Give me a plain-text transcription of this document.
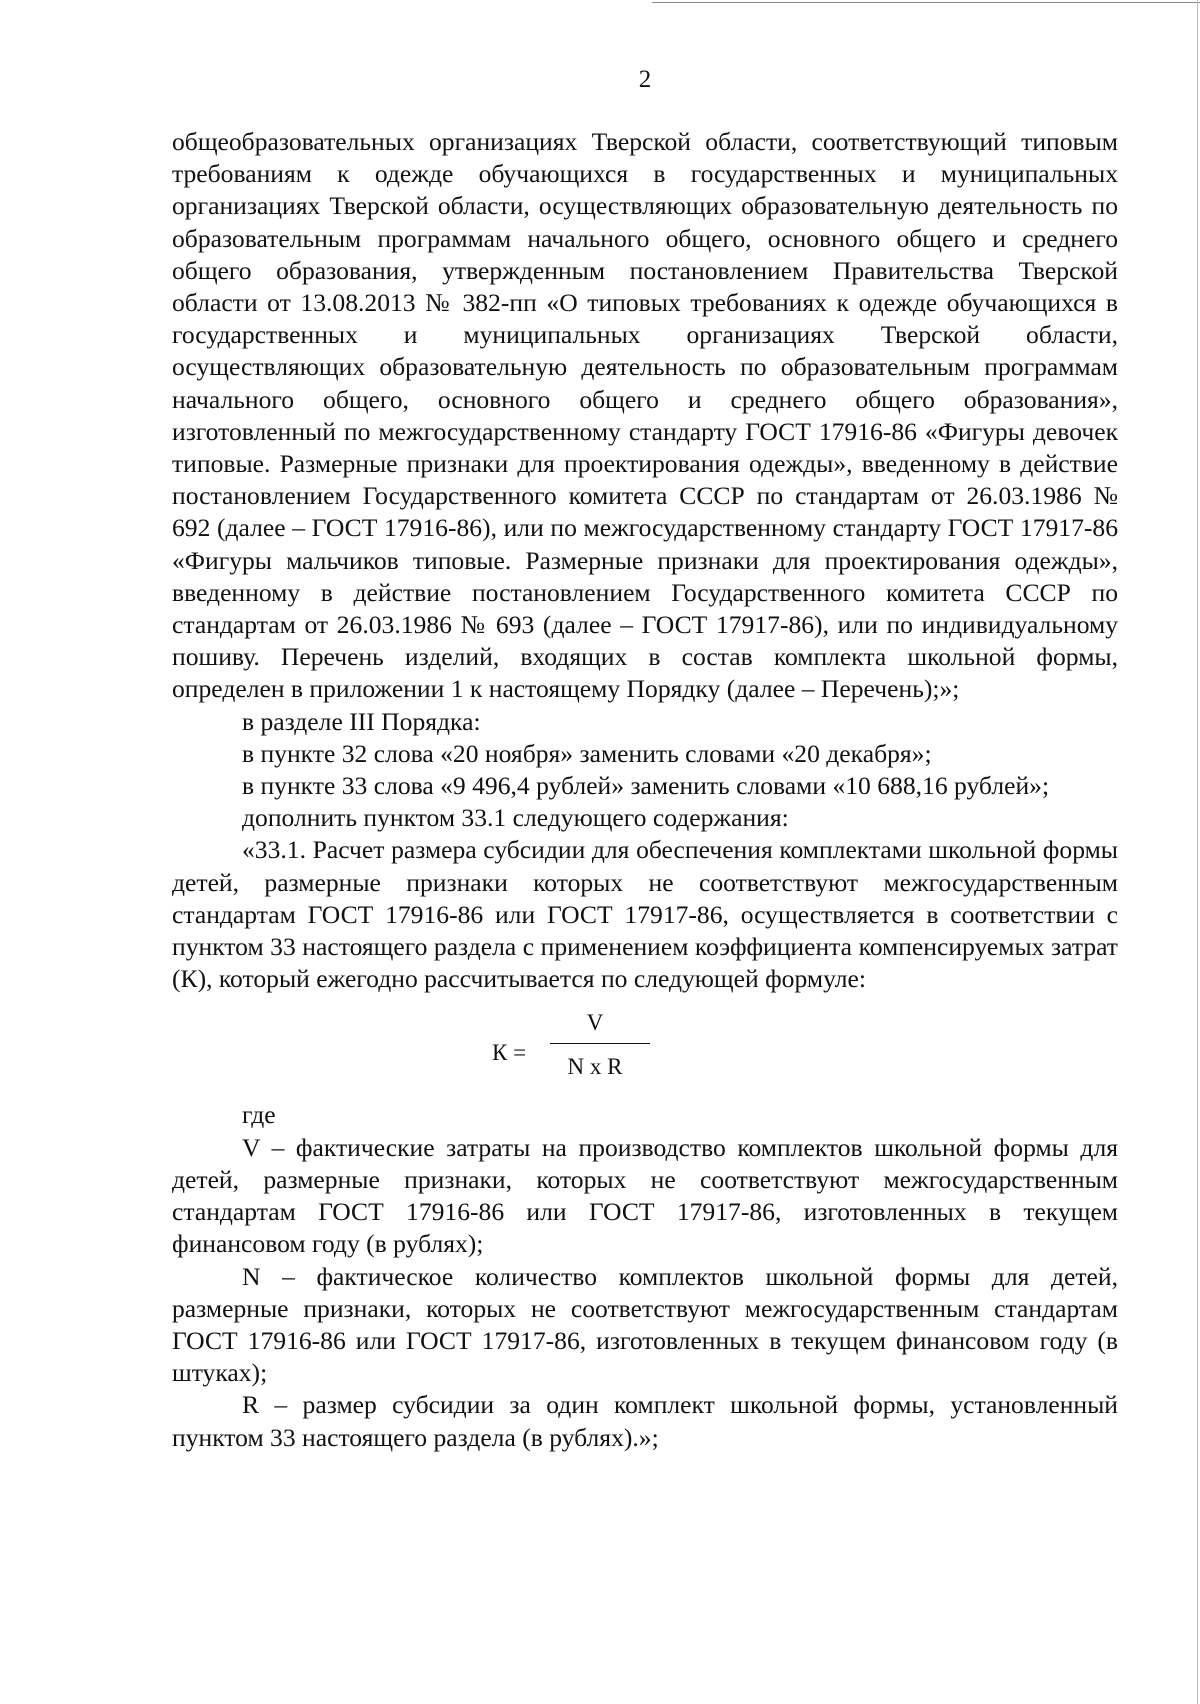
2

общеобразовательных организациях Тверской области, соответствующий типовым требованиям к одежде обучающихся в государственных и муниципальных организациях Тверской области, осуществляющих образовательную деятельность по образовательным программам начального общего, основного общего и среднего общего образования, утвержденным постановлением Правительства Тверской области от 13.08.2013 № 382-пп «О типовых требованиях к одежде обучающихся в государственных и муниципальных организациях Тверской области, осуществляющих образовательную деятельность по образовательным программам начального общего, основного общего и среднего общего образования», изготовленный по межгосударственному стандарту ГОСТ 17916-86 «Фигуры девочек типовые. Размерные признаки для проектирования одежды», введенному в действие постановлением Государственного комитета СССР по стандартам от 26.03.1986 № 692 (далее – ГОСТ 17916-86), или по межгосударственному стандарту ГОСТ 17917-86 «Фигуры мальчиков типовые. Размерные признаки для проектирования одежды», введенному в действие постановлением Государственного комитета СССР по стандартам от 26.03.1986 № 693 (далее – ГОСТ 17917-86), или по индивидуальному пошиву. Перечень изделий, входящих в состав комплекта школьной формы, определен в приложении 1 к настоящему Порядку (далее – Перечень);»;

в разделе III Порядка:

в пункте 32 слова «20 ноября» заменить словами «20 декабря»;

в пункте 33 слова «9 496,4 рублей» заменить словами «10 688,16 рублей»;

дополнить пунктом 33.1 следующего содержания:

«33.1. Расчет размера субсидии для обеспечения комплектами школьной формы детей, размерные признаки которых не соответствуют межгосударственным стандартам ГОСТ 17916-86 или ГОСТ 17917-86, осуществляется в соответствии с пунктом 33 настоящего раздела с применением коэффициента компенсируемых затрат (К), который ежегодно рассчитывается по следующей формуле:

К =
V
N x R

где

V – фактические затраты на производство комплектов школьной формы для детей, размерные признаки, которых не соответствуют межгосударственным стандартам ГОСТ 17916-86 или ГОСТ 17917-86, изготовленных в текущем финансовом году (в рублях);

N – фактическое количество комплектов школьной формы для детей, размерные признаки, которых не соответствуют межгосударственным стандартам ГОСТ 17916-86 или ГОСТ 17917-86, изготовленных в текущем финансовом году (в штуках);

R – размер субсидии за один комплект школьной формы, установленный пунктом 33 настоящего раздела (в рублях).»;
